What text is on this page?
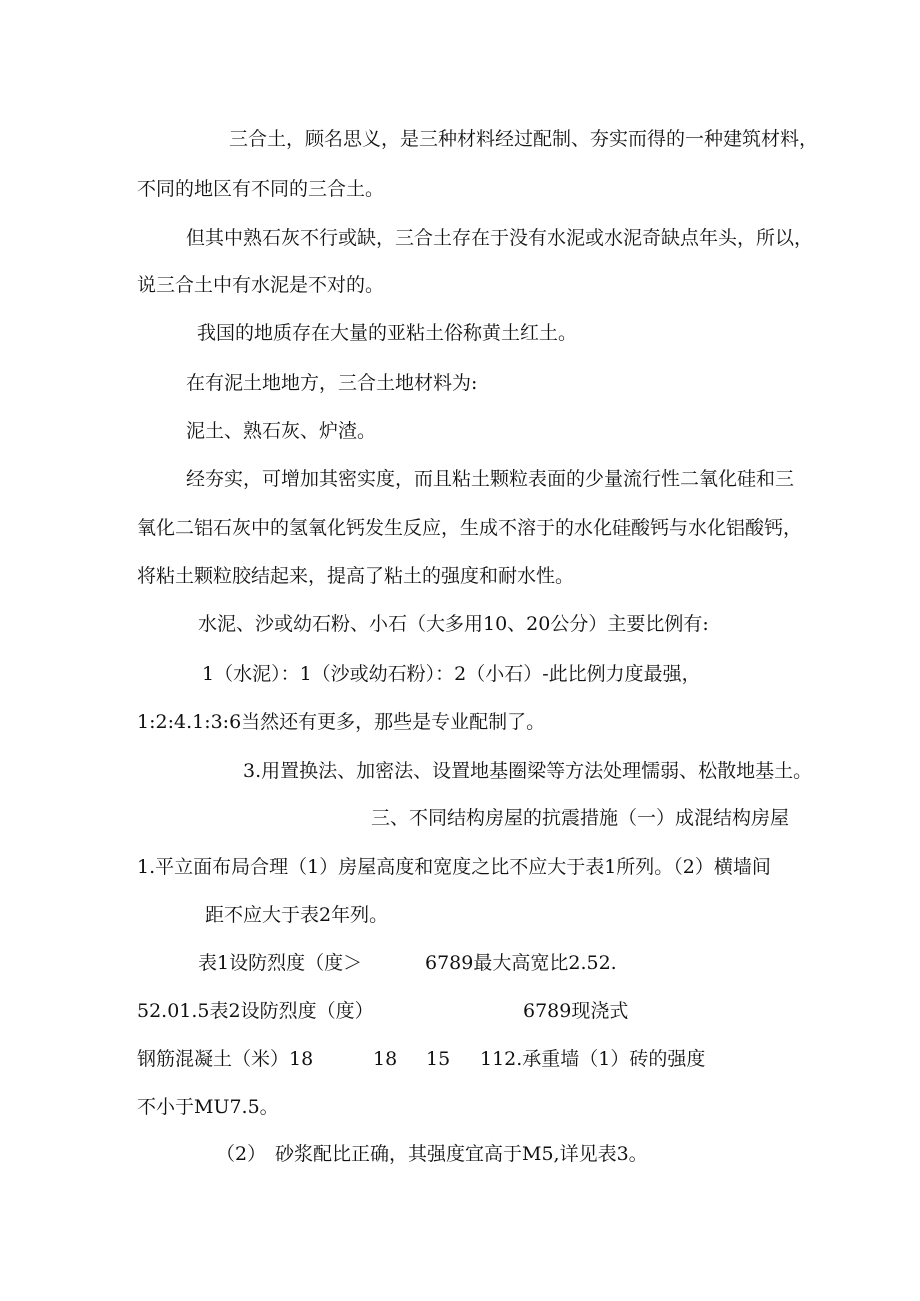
三合土，顾名思义，是三种材料经过配制、夯实而得的一种建筑材料，

不同的地区有不同的三合土。

但其中熟石灰不行或缺，三合土存在于没有水泥或水泥奇缺点年头，所以，

说三合土中有水泥是不对的。

我国的地质存在大量的亚粘土俗称黄土红土。

在有泥土地地方，三合土地材料为:

泥土、熟石灰、炉渣。

经夯实，可增加其密实度，而且粘土颗粒表面的少量流行性二氧化硅和三

氧化二铝石灰中的氢氧化钙发生反应，生成不溶于的水化硅酸钙与水化铝酸钙，

将粘土颗粒胶结起来，提高了粘土的强度和耐水性。

水泥、沙或幼石粉、小石（大多用10、20公分）主要比例有:

1（水泥）：1（沙或幼石粉）：2（小石）-此比例力度最强，

1:2:4.1:3:6当然还有更多，那些是专业配制了。

3.用置换法、加密法、设置地基圈梁等方法处理懦弱、松散地基土。

三、不同结构房屋的抗震措施（一）成混结构房屋

1.平立面布局合理（1）房屋高度和宽度之比不应大于表1所列。（2）横墙间

距不应大于表2年列。

表1设防烈度（度＞	6789最大高宽比2.52.

52.01.5表2设防烈度（度）	6789现浇式

钢筋混凝土（米）18	18 15 112.承重墙（1）砖的强度

不小于MU7.5。

（2） 砂浆配比正确，其强度宜高于M5,详见表3。
